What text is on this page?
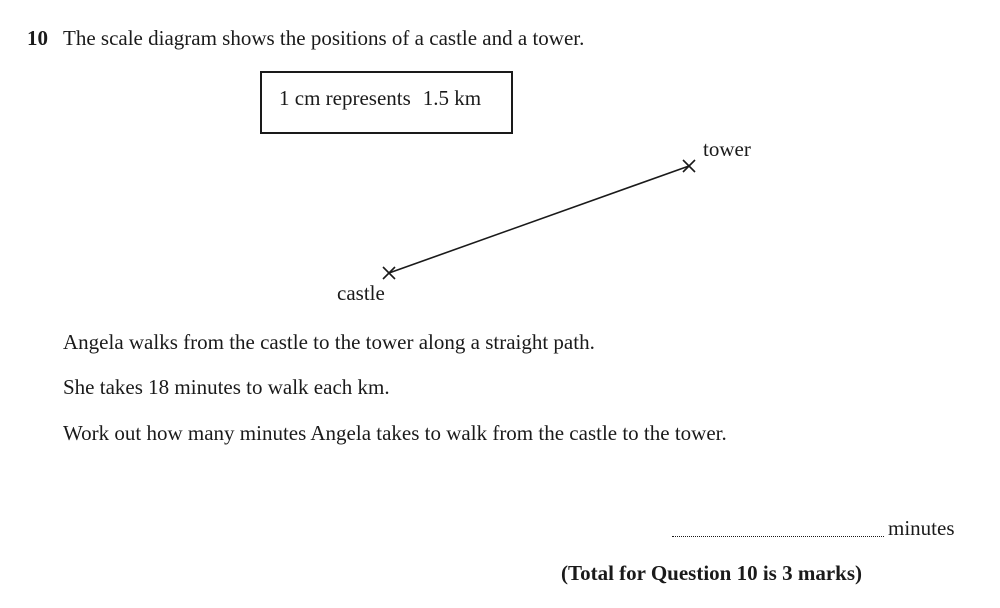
10 The scale diagram shows the positions of a castle and a tower.
1 cm represents 1.5 km
tower
castle
Angela walks from the castle to the tower along a straight path.
She takes 18 minutes to walk each km.
Work out how many minutes Angela takes to walk from the castle to the tower.
minutes
(Total for Question 10 is 3 marks)
